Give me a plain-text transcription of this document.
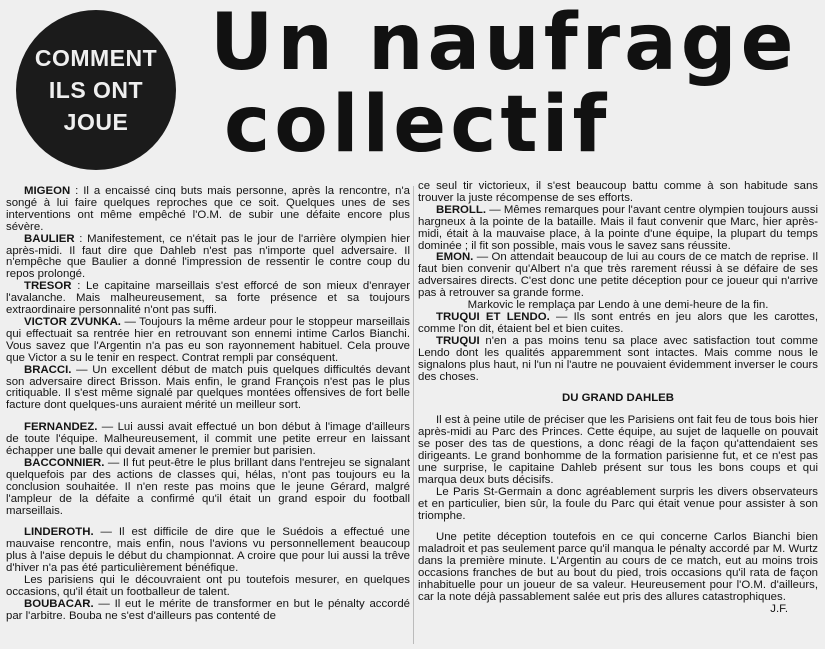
COMMENT
ILS ONT
JOUE
Un naufrage
collectif

MIGEON : Il a encaissé cinq buts mais personne, après la rencontre, n'a songé à lui faire quelques reproches que ce soit. Quelques unes de ses interventions ont même empêché l'O.M. de subir une défaite encore plus sévère.

BAULIER : Manifestement, ce n'était pas le jour de l'arrière olympien hier après-midi. Il faut dire que Dahleb n'est pas n'importe quel adversaire. Il n'empêche que Baulier a donné l'impression de ressentir le contre coup du repos prolongé.

TRESOR : Le capitaine marseillais s'est efforcé de son mieux d'enrayer l'avalanche. Mais malheureusement, sa forte présence et sa toujours extraordinaire personnalité n'ont pas suffi.

VICTOR ZVUNKA. — Toujours la même ardeur pour le stoppeur marseillais qui effectuait sa rentrée hier en retrouvant son ennemi intime Carlos Bianchi. Vous savez que l'Argentin n'a pas eu son rayonnement habituel. Cela prouve que Victor a su le tenir en respect. Contrat rempli par conséquent.

BRACCI. — Un excellent début de match puis quelques difficultés devant son adversaire direct Brisson. Mais enfin, le grand François n'est pas le plus critiquable. Il s'est même signalé par quelques montées offensives de fort belle facture dont quelques-uns auraient mérité un meilleur sort.

FERNANDEZ. — Lui aussi avait effectué un bon début à l'image d'ailleurs de toute l'équipe. Malheureusement, il commit une petite erreur en laissant échapper une balle qui devait amener le premier but parisien.

BACCONNIER. — Il fut peut-être le plus brillant dans l'entrejeu se signalant quelquefois par des actions de classes qui, hélas, n'ont pas toujours eu la conclusion souhaitée. Il n'en reste pas moins que le jeune Gérard, malgré l'ampleur de la défaite a confirmé qu'il était un grand espoir du football marseillais.

LINDEROTH. — Il est difficile de dire que le Suédois a effectué une mauvaise rencontre, mais enfin, nous l'avions vu personnellement beaucoup plus à l'aise depuis le début du championnat. A croire que pour lui aussi la trêve d'hiver n'a pas été particulièrement bénéfique.

Les parisiens qui le découvraient ont pu toutefois mesurer, en quelques occasions, qu'il était un footballeur de talent.

BOUBACAR. — Il eut le mérite de transformer en but le pénalty accordé par l'arbitre. Bouba ne s'est d'ailleurs pas contenté de

ce seul tir victorieux, il s'est beaucoup battu comme à son habitude sans trouver la juste récompense de ses efforts.

BEROLL. — Mêmes remarques pour l'avant centre olympien toujours aussi hargneux à la pointe de la bataille. Mais il faut convenir que Marc, hier après-midi, était à la mauvaise place, à la pointe d'une équipe, la plupart du temps dominée ; il fit son possible, mais vous le savez sans réussite.

EMON. — On attendait beaucoup de lui au cours de ce match de reprise. Il faut bien convenir qu'Albert n'a que très rarement réussi à se défaire de ses adversaires directs. C'est donc une petite déception pour ce joueur qui n'arrive pas à retrouver sa grande forme.

Markovic le remplaça par Lendo à une demi-heure de la fin.

TRUQUI ET LENDO. — Ils sont entrés en jeu alors que les carottes, comme l'on dit, étaient bel et bien cuites.

TRUQUI n'en a pas moins tenu sa place avec satisfaction tout comme Lendo dont les qualités apparemment sont intactes. Mais comme nous le signalons plus haut, ni l'un ni l'autre ne pouvaient évidemment inverser le cours des choses.

DU GRAND DAHLEB

Il est à peine utile de préciser que les Parisiens ont fait feu de tous bois hier après-midi au Parc des Princes. Cette équipe, au sujet de laquelle on pouvait se poser des tas de questions, a donc réagi de la façon qu'attendaient ses dirigeants. Le grand bonhomme de la formation parisienne fut, et ce n'est pas une surprise, le capitaine Dahleb présent sur tous les bons coups et qui marqua deux buts décisifs.

Le Paris St-Germain a donc agréablement surpris les divers observateurs et en particulier, bien sûr, la foule du Parc qui était venue pour assister à son triomphe.

Une petite déception toutefois en ce qui concerne Carlos Bianchi bien maladroit et pas seulement parce qu'il manqua le pénalty accordé par M. Wurtz dans la première minute. L'Argentin au cours de ce match, eut au moins trois occasions franches de but au bout du pied, trois occasions qu'il rata de façon inhabituelle pour un joueur de sa valeur. Heureusement pour l'O.M. d'ailleurs, car la note déjà passablement salée eut pris des allures catastrophiques.

J.F.
